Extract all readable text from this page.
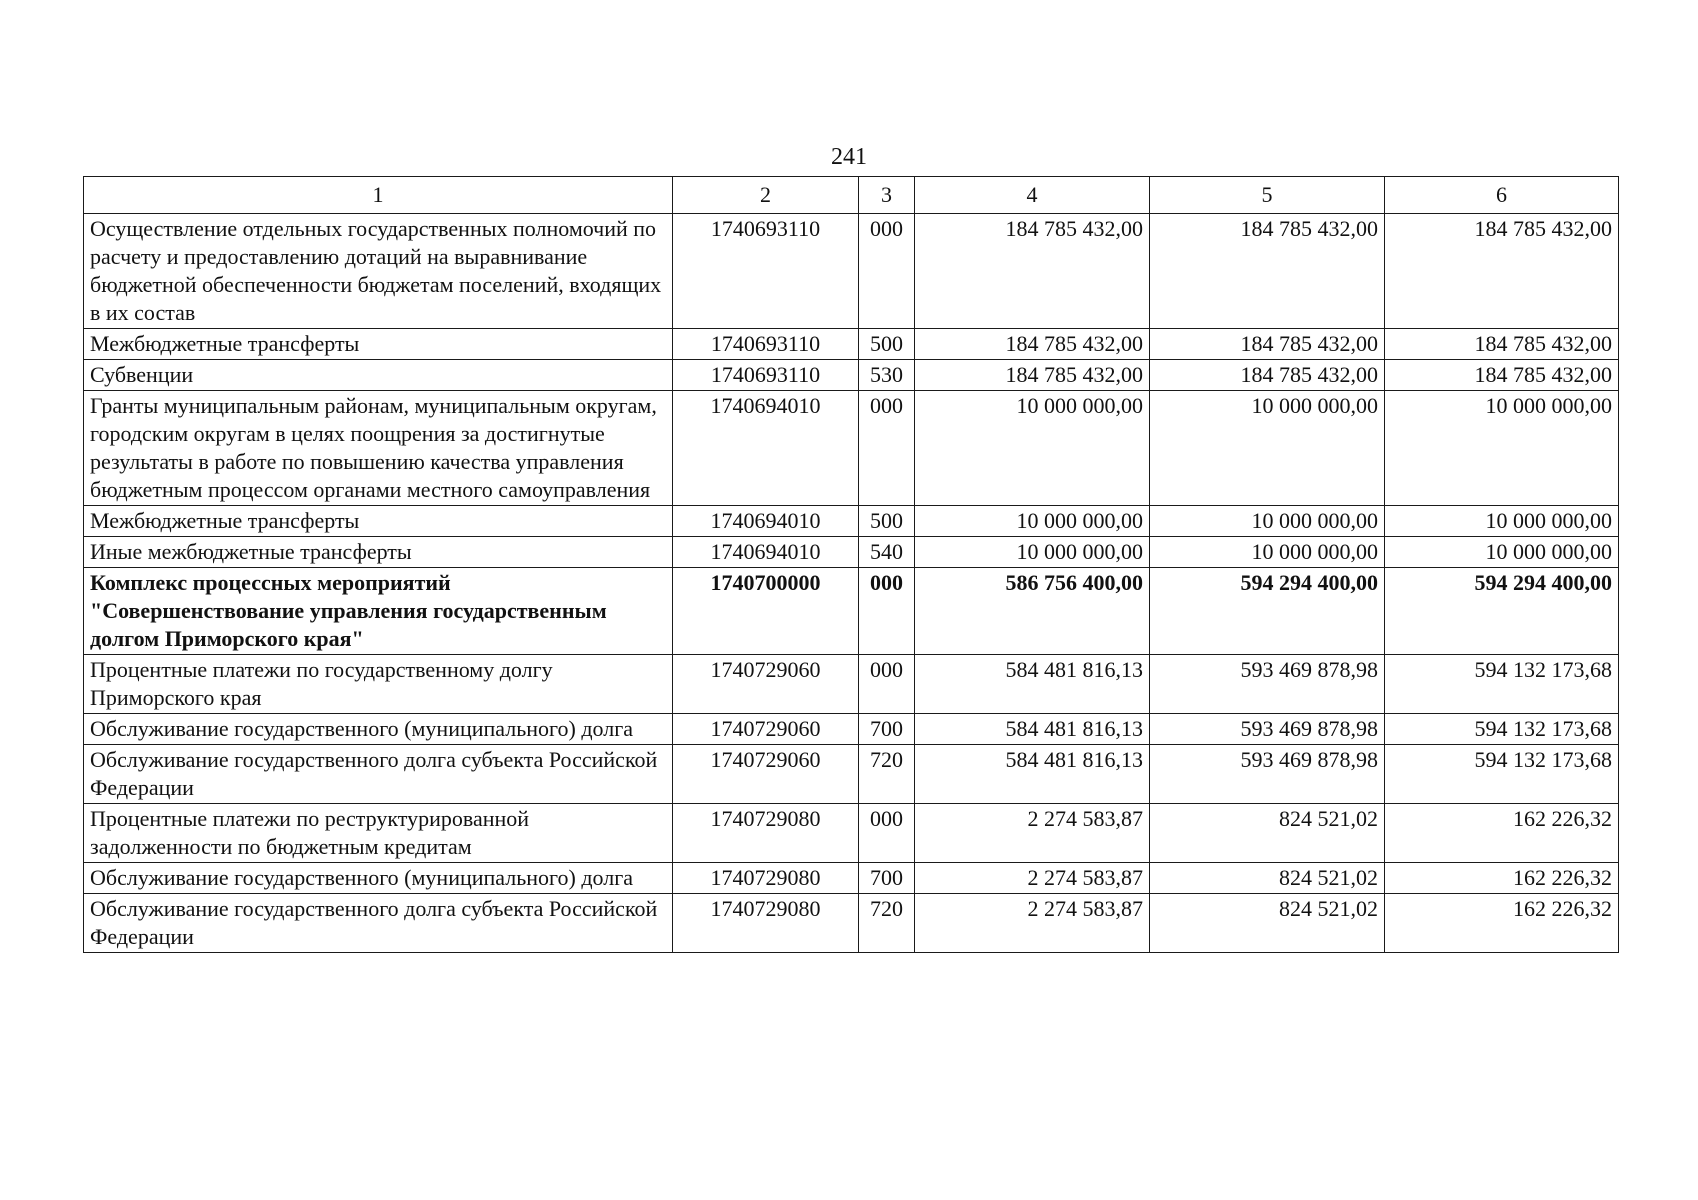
241
1	2	3	4	5	6
Осуществление отдельных государственных полномочий по расчету и предоставлению дотаций на выравнивание бюджетной обеспеченности бюджетам поселений, входящих в их состав	1740693110	000	184 785 432,00	184 785 432,00	184 785 432,00
Межбюджетные трансферты	1740693110	500	184 785 432,00	184 785 432,00	184 785 432,00
Субвенции	1740693110	530	184 785 432,00	184 785 432,00	184 785 432,00
Гранты муниципальным районам, муниципальным округам, городским округам в целях поощрения за достигнутые результаты в работе по повышению качества управления бюджетным процессом органами местного самоуправления	1740694010	000	10 000 000,00	10 000 000,00	10 000 000,00
Межбюджетные трансферты	1740694010	500	10 000 000,00	10 000 000,00	10 000 000,00
Иные межбюджетные трансферты	1740694010	540	10 000 000,00	10 000 000,00	10 000 000,00
Комплекс процессных мероприятий "Совершенствование управления государственным долгом Приморского края"	1740700000	000	586 756 400,00	594 294 400,00	594 294 400,00
Процентные платежи по государственному долгу Приморского края	1740729060	000	584 481 816,13	593 469 878,98	594 132 173,68
Обслуживание государственного (муниципального) долга	1740729060	700	584 481 816,13	593 469 878,98	594 132 173,68
Обслуживание государственного долга субъекта Российской Федерации	1740729060	720	584 481 816,13	593 469 878,98	594 132 173,68
Процентные платежи по реструктурированной задолженности по бюджетным кредитам	1740729080	000	2 274 583,87	824 521,02	162 226,32
Обслуживание государственного (муниципального) долга	1740729080	700	2 274 583,87	824 521,02	162 226,32
Обслуживание государственного долга субъекта Российской Федерации	1740729080	720	2 274 583,87	824 521,02	162 226,32
